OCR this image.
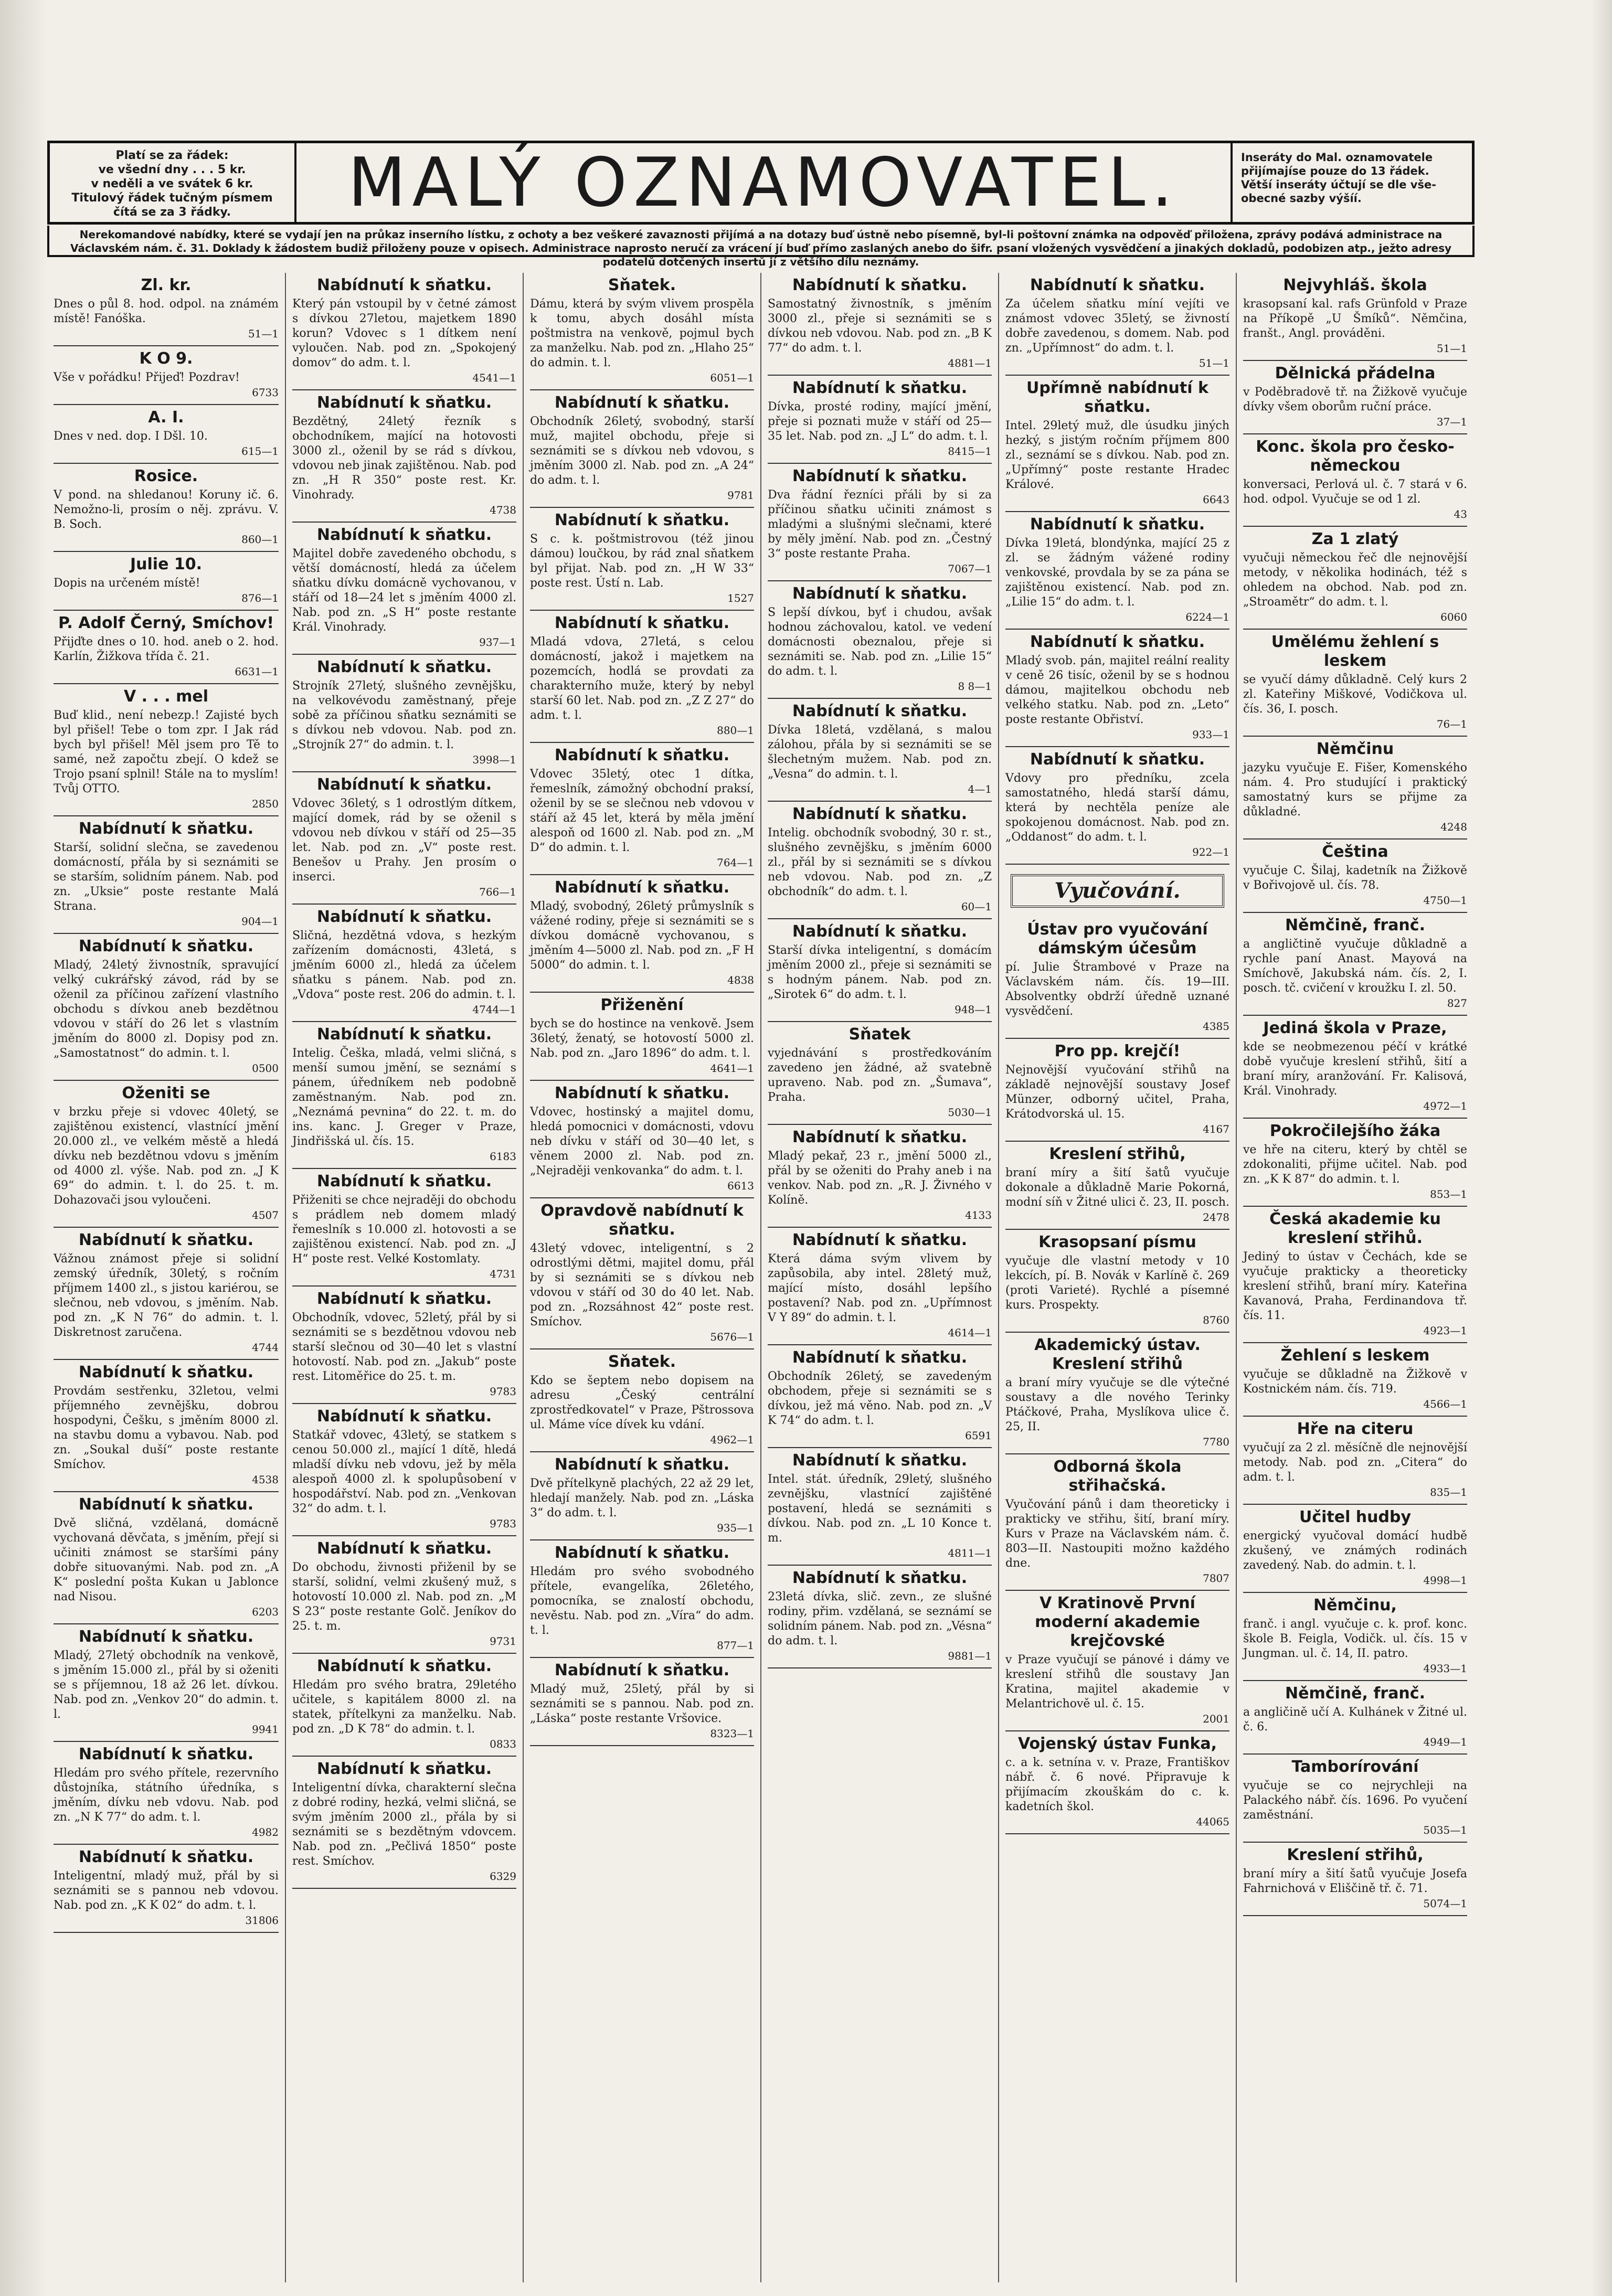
Platí se za řádek:
ve všední dny . . . 5 kr.
v neděli a ve svátek 6 kr.
Titulový řádek tučným písmem
čítá se za 3 řádky.	MALÝ OZNAMOVATEL.	Inseráty do Mal. oznamovatele
přijímajíse pouze do 13 řádek.
Větší inseráty účtují se dle vše-
obecné sazby výšíí.
Nerekomandové nabídky, které se vydají jen na průkaz inserního lístku, z ochoty a bez veškeré zavaznosti přijímá a na dotazy buď ústně nebo písemně, byl-li poštovní známka na odpověď přiložena, zprávy podává administrace na Václavském nám. č. 31. Doklady k žádostem budiž přiloženy pouze v opisech. Administrace naprosto neručí za vrácení jí buď přímo zaslaných anebo do šifr. psaní vložených vysvědčení a jinakých dokladů, podobizen atp., ježto adresy podatelů dotčených insertů jí z většího dílu neznámy.
Zl. kr.
Dnes o půl 8. hod. odpol. na známém místě! Fanóška.
51—1
K O 9.
Vše v pořádku! Přijeď! Pozdrav!
6733
A. I.
Dnes v ned. dop. I Dšl. 10.
615—1
Rosice.
V pond. na shledanou! Koruny ič. 6. Nemožno-li, prosím o něj. zprávu. V. B. Soch.
860—1
Julie 10.
Dopis na určeném místě!
876—1
P. Adolf Černý, Smíchov!
Přijďte dnes o 10. hod. aneb o 2. hod. Karlín, Žižkova třída č. 21.
6631—1
V . . . mel
Buď klid., není nebezp.! Zajisté bych byl přišel! Tebe o tom zpr. I Jak rád bych byl přišel! Měl jsem pro Tě to samé, než započtu zbejí. O kdež se Trojo psaní splnil! Stále na to myslím! Tvůj OTTO.
2850
Nabídnutí k sňatku.
Starší, solidní slečna, se zavedenou domácností, přála by si seznámiti se se starším, solidním pánem. Nab. pod zn. „Uksie“ poste restante Malá Strana.
904—1
Nabídnutí k sňatku.
Mladý, 24letý živnostník, spravující velký cukrářský závod, rád by se oženil za příčinou zařízení vlastního obchodu s dívkou aneb bezdětnou vdovou v stáří do 26 let s vlastním jměním do 8000 zl. Dopisy pod zn. „Samostatnost“ do admin. t. l.
0500
Oženiti se
v brzku přeje si vdovec 40letý, se zajištěnou existencí, vlastnící jmění 20.000 zl., ve velkém městě a hledá dívku neb bezdětnou vdovu s jměním od 4000 zl. výše. Nab. pod zn. „J K 69“ do admin. t. l. do 25. t. m. Dohazovači jsou vyloučeni.
4507
Nabídnutí k sňatku.
Vážnou známost přeje si solidní zemský úředník, 30letý, s ročním příjmem 1400 zl., s jistou kariérou, se slečnou, neb vdovou, s jměním. Nab. pod zn. „K N 76“ do admin. t. l. Diskretnost zaručena.
4744
Nabídnutí k sňatku.
Provdám sestřenku, 32letou, velmi příjemného zevnějšku, dobrou hospodyni, Češku, s jměním 8000 zl. na stavbu domu a vybavou. Nab. pod zn. „Soukal duší“ poste restante Smíchov.
4538
Nabídnutí k sňatku.
Dvě sličná, vzdělaná, domácně vychovaná děvčata, s jměním, přejí si učiniti známost se staršími pány dobře situovanými. Nab. pod zn. „A K“ poslední pošta Kukan u Jablonce nad Nisou.
6203
Nabídnutí k sňatku.
Mladý, 27letý obchodník na venkově, s jměním 15.000 zl., přál by si oženiti se s příjemnou, 18 až 26 let. dívkou. Nab. pod zn. „Venkov 20“ do admin. t. l.
9941
Nabídnutí k sňatku.
Hledám pro svého přítele, rezervního důstojníka, státního úředníka, s jměním, dívku neb vdovu. Nab. pod zn. „N K 77“ do adm. t. l.
4982
Nabídnutí k sňatku.
Inteligentní, mladý muž, přál by si seznámiti se s pannou neb vdovou. Nab. pod zn. „K K 02“ do adm. t. l.
31806
Nabídnutí k sňatku.
Který pán vstoupil by v četné zámost s dívkou 27letou, majetkem 1890 korun? Vdovec s 1 dítkem není vyloučen. Nab. pod zn. „Spokojený domov“ do adm. t. l.
4541—1
Nabídnutí k sňatku.
Bezdětný, 24letý řezník s obchodníkem, mající na hotovosti 3000 zl., oženil by se rád s dívkou, vdovou neb jinak zajištěnou. Nab. pod zn. „H R 350“ poste rest. Kr. Vinohrady.
4738
Nabídnutí k sňatku.
Majitel dobře zavedeného obchodu, s větší domácností, hledá za účelem sňatku dívku domácně vychovanou, v stáří od 18—24 let s jměním 4000 zl. Nab. pod zn. „S H“ poste restante Král. Vinohrady.
937—1
Nabídnutí k sňatku.
Strojník 27letý, slušného zevnějšku, na velkovévodu zaměstnaný, přeje sobě za příčinou sňatku seznámiti se s dívkou neb vdovou. Nab. pod zn. „Strojník 27“ do admin. t. l.
3998—1
Nabídnutí k sňatku.
Vdovec 36letý, s 1 odrostlým dítkem, mající domek, rád by se oženil s vdovou neb dívkou v stáří od 25—35 let. Nab. pod zn. „V“ poste rest. Benešov u Prahy. Jen prosím o inserci.
766—1
Nabídnutí k sňatku.
Sličná, hezdětná vdova, s hezkým zařízením domácnosti, 43letá, s jměním 6000 zl., hledá za účelem sňatku s pánem. Nab. pod zn. „Vdova“ poste rest. 206 do admin. t. l.
4744—1
Nabídnutí k sňatku.
Intelig. Češka, mladá, velmi sličná, s menší sumou jmění, se seznámí s pánem, úředníkem neb podobně zaměstnaným. Nab. pod zn. „Neznámá pevnina“ do 22. t. m. do ins. kanc. J. Greger v Praze, Jindřišská ul. čís. 15.
6183
Nabídnutí k sňatku.
Přiženiti se chce nejraději do obchodu s prádlem neb domem mladý řemeslník s 10.000 zl. hotovosti a se zajištěnou existencí. Nab. pod zn. „J H“ poste rest. Velké Kostomlaty.
4731
Nabídnutí k sňatku.
Obchodník, vdovec, 52letý, přál by si seznámiti se s bezdětnou vdovou neb starší slečnou od 30—40 let s vlastní hotovostí. Nab. pod zn. „Jakub“ poste rest. Litoměřice do 25. t. m.
9783
Nabídnutí k sňatku.
Statkář vdovec, 43letý, se statkem s cenou 50.000 zl., mající 1 dítě, hledá mladší dívku neb vdovu, jež by měla alespoň 4000 zl. k spolupůsobení v hospodářství. Nab. pod zn. „Venkovan 32“ do adm. t. l.
9783
Nabídnutí k sňatku.
Do obchodu, živnosti přiženil by se starší, solidní, velmi zkušený muž, s hotovostí 10.000 zl. Nab. pod zn. „M S 23“ poste restante Golč. Jeníkov do 25. t. m.
9731
Nabídnutí k sňatku.
Hledám pro svého bratra, 29letého učitele, s kapitálem 8000 zl. na statek, přítelkyni za manželku. Nab. pod zn. „D K 78“ do admin. t. l.
0833
Nabídnutí k sňatku.
Inteligentní dívka, charakterní slečna z dobré rodiny, hezká, velmi sličná, se svým jměním 2000 zl., přála by si seznámiti se s bezdětným vdovcem. Nab. pod zn. „Pečlivá 1850“ poste rest. Smíchov.
6329
Sňatek.
Dámu, která by svým vlivem prospěla k tomu, abych dosáhl místa poštmistra na venkově, pojmul bych za manželku. Nab. pod zn. „Hlaho 25“ do admin. t. l.
6051—1
Nabídnutí k sňatku.
Obchodník 26letý, svobodný, starší muž, majitel obchodu, přeje si seznámiti se s dívkou neb vdovou, s jměním 3000 zl. Nab. pod zn. „A 24“ do adm. t. l.
9781
Nabídnutí k sňatku.
S c. k. poštmistrovou (též jinou dámou) loučkou, by rád znal sňatkem byl přijat. Nab. pod zn. „H W 33“ poste rest. Ústí n. Lab.
1527
Nabídnutí k sňatku.
Mladá vdova, 27letá, s celou domácností, jakož i majetkem na pozemcích, hodlá se provdati za charakterního muže, který by nebyl starší 60 let. Nab. pod zn. „Z Z 27“ do adm. t. l.
880—1
Nabídnutí k sňatku.
Vdovec 35letý, otec 1 dítka, řemeslník, zámožný obchodní praksí, oženil by se se slečnou neb vdovou v stáří až 45 let, která by měla jmění alespoň od 1600 zl. Nab. pod zn. „M D“ do admin. t. l.
764—1
Nabídnutí k sňatku.
Mladý, svobodný, 26letý průmyslník s vážené rodiny, přeje si seznámiti se s dívkou domácně vychovanou, s jměním 4—5000 zl. Nab. pod zn. „F H 5000“ do admin. t. l.
4838
Přiženění
bych se do hostince na venkově. Jsem 36letý, ženatý, se hotovostí 5000 zl. Nab. pod zn. „Jaro 1896“ do adm. t. l.
4641—1
Nabídnutí k sňatku.
Vdovec, hostinský a majitel domu, hledá pomocnici v domácnosti, vdovu neb dívku v stáří od 30—40 let, s věnem 2000 zl. Nab. pod zn. „Nejraději venkovanka“ do adm. t. l.
6613
Opravdově nabídnutí k sňatku.
43letý vdovec, inteligentní, s 2 odrostlými dětmi, majitel domu, přál by si seznámiti se s dívkou neb vdovou v stáří od 30 do 40 let. Nab. pod zn. „Rozsáhnost 42“ poste rest. Smíchov.
5676—1
Sňatek.
Kdo se šeptem nebo dopisem na adresu „Český centrální zprostředkovatel“ v Praze, Pštrossova ul. Máme více dívek ku vdání.
4962—1
Nabídnutí k sňatku.
Dvě přítelkyně plachých, 22 až 29 let, hledají manžely. Nab. pod zn. „Láska 3“ do adm. t. l.
935—1
Nabídnutí k sňatku.
Hledám pro svého svobodného přítele, evangelíka, 26letého, pomocníka, se znalostí obchodu, nevěstu. Nab. pod zn. „Víra“ do adm. t. l.
877—1
Nabídnutí k sňatku.
Mladý muž, 25letý, přál by si seznámiti se s pannou. Nab. pod zn. „Láska“ poste restante Vršovice.
8323—1
Nabídnutí k sňatku.
Samostatný živnostník, s jměním 3000 zl., přeje si seznámiti se s dívkou neb vdovou. Nab. pod zn. „B K 77“ do adm. t. l.
4881—1
Nabídnutí k sňatku.
Dívka, prosté rodiny, mající jmění, přeje si poznati muže v stáří od 25—35 let. Nab. pod zn. „J L“ do adm. t. l.
8415—1
Nabídnutí k sňatku.
Dva řádní řezníci přáli by si za příčinou sňatku učiniti známost s mladými a slušnými slečnami, které by měly jmění. Nab. pod zn. „Čestný 3“ poste restante Praha.
7067—1
Nabídnutí k sňatku.
S lepší dívkou, byť i chudou, avšak hodnou záchovalou, katol. ve vedení domácnosti obeznalou, přeje si seznámiti se. Nab. pod zn. „Lilie 15“ do adm. t. l.
8 8—1
Nabídnutí k sňatku.
Dívka 18letá, vzdělaná, s malou zálohou, přála by si seznámiti se se šlechetným mužem. Nab. pod zn. „Vesna“ do admin. t. l.
4—1
Nabídnutí k sňatku.
Intelig. obchodník svobodný, 30 r. st., slušného zevnějšku, s jměním 6000 zl., přál by si seznámiti se s dívkou neb vdovou. Nab. pod zn. „Z obchodník“ do adm. t. l.
60—1
Nabídnutí k sňatku.
Starší dívka inteligentní, s domácím jměním 2000 zl., přeje si seznámiti se s hodným pánem. Nab. pod zn. „Sirotek 6“ do adm. t. l.
948—1
Sňatek
vyjednávání s prostředkováním zavedeno jen žádné, až svatebně upraveno. Nab. pod zn. „Šumava“, Praha.
5030—1
Nabídnutí k sňatku.
Mladý pekař, 23 r., jmění 5000 zl., přál by se oženiti do Prahy aneb i na venkov. Nab. pod zn. „R. J. Živného v Kolíně.
4133
Nabídnutí k sňatku.
Která dáma svým vlivem by zapůsobila, aby intel. 28letý muž, mající místo, dosáhl lepšího postavení? Nab. pod zn. „Upřímnost V Y 89“ do admin. t. l.
4614—1
Nabídnutí k sňatku.
Obchodník 26letý, se zavedeným obchodem, přeje si seznámiti se s dívkou, jež má věno. Nab. pod zn. „V K 74“ do adm. t. l.
6591
Nabídnutí k sňatku.
Intel. stát. úředník, 29letý, slušného zevnějšku, vlastnící zajištěné postavení, hledá se seznámiti s dívkou. Nab. pod zn. „L 10 Konce t. m.
4811—1
Nabídnutí k sňatku.
23letá dívka, slič. zevn., ze slušné rodiny, přim. vzdělaná, se seznámí se solidním pánem. Nab. pod zn. „Vésna“ do adm. t. l.
9881—1
Nabídnutí k sňatku.
Za účelem sňatku míní vejíti ve známost vdovec 35letý, se živností dobře zavedenou, s domem. Nab. pod zn. „Upřímnost“ do adm. t. l.
51—1
Upřímně nabídnutí k sňatku.
Intel. 29letý muž, dle úsudku jiných hezký, s jistým ročním příjmem 800 zl., seznámí se s dívkou. Nab. pod zn. „Upřímný“ poste restante Hradec Králové.
6643
Nabídnutí k sňatku.
Dívka 19letá, blondýnka, mající 25 z zl. se žádným vážené rodiny venkovské, provdala by se za pána se zajištěnou existencí. Nab. pod zn. „Lilie 15“ do adm. t. l.
6224—1
Nabídnutí k sňatku.
Mladý svob. pán, majitel reální reality v ceně 26 tisíc, oženil by se s hodnou dámou, majitelkou obchodu neb velkého statku. Nab. pod zn. „Leto“ poste restante Obřiství.
933—1
Nabídnutí k sňatku.
Vdovy pro předníku, zcela samostatného, hledá starší dámu, která by nechtěla peníze ale spokojenou domácnost. Nab. pod zn. „Oddanost“ do adm. t. l.
922—1
Vyučování.
Ústav pro vyučování dámským účesům
pí. Julie Štrambové v Praze na Václavském nám. čís. 19—III. Absolventky obdrží úředně uznané vysvědčení.
4385
Pro pp. krejčí!
Nejnovější vyučování střihů na základě nejnovější soustavy Josef Münzer, odborný učitel, Praha, Krátodvorská ul. 15.
4167
Kreslení střihů,
braní míry a šití šatů vyučuje dokonale a důkladně Marie Pokorná, modní síň v Žitné ulici č. 23, II. posch.
2478
Krasopsaní písmu
vyučuje dle vlastní metody v 10 lekcích, pí. B. Novák v Karlíně č. 269 (proti Varieté). Rychlé a písemné kurs. Prospekty.
8760
Akademický ústav. Kreslení střihů
a braní míry vyučuje se dle výtečné soustavy a dle nového Terinky Ptáčkové, Praha, Myslíkova ulice č. 25, II.
7780
Odborná škola střihačská.
Vyučování pánů i dam theoreticky i prakticky ve střihu, šití, braní míry. Kurs v Praze na Václavském nám. č. 803—II. Nastoupiti možno každého dne.
7807
V Kratinově První moderní akademie krejčovské
v Praze vyučují se pánové i dámy ve kreslení střihů dle soustavy Jan Kratina, majitel akademie v Melantrichově ul. č. 15.
2001
Vojenský ústav Funka,
c. a k. setnína v. v. Praze, Františkov nábř. č. 6 nové. Připravuje k přijímacím zkouškám do c. k. kadetních škol.
44065
Nejvyhláš. škola
krasopsaní kal. rafs Grünfold v Praze na Příkopě „U Šmíků“. Němčina, franšt., Angl. prováděni.
51—1
Dělnická přádelna
v Poděbradově tř. na Žižkově vyučuje dívky všem oborům ruční práce.
37—1
Konc. škola pro česko-německou
konversaci, Perlová ul. č. 7 stará v 6. hod. odpol. Vyučuje se od 1 zl.
43
Za 1 zlatý
vyučuji německou řeč dle nejnovější metody, v několika hodinách, též s ohledem na obchod. Nab. pod zn. „Stroamětr“ do adm. t. l.
6060
Umělému žehlení s leskem
se vyučí dámy důkladně. Celý kurs 2 zl. Kateřiny Miškové, Vodičkova ul. čís. 36, I. posch.
76—1
Němčinu
jazyku vyučuje E. Fišer, Komenského nám. 4. Pro studující i praktický samostatný kurs se přijme za důkladné.
4248
Čeština
vyučuje C. Šilaj, kadetník na Žižkově v Bořivojově ul. čís. 78.
4750—1
Němčině, franč.
a angličtině vyučuje důkladně a rychle paní Anast. Mayová na Smíchově, Jakubská nám. čís. 2, I. posch. tč. cvičení v kroužku I. zl. 50.
827
Jediná škola v Praze,
kde se neobmezenou péčí v krátké době vyučuje kreslení střihů, šití a braní míry, aranžování. Fr. Kalisová, Král. Vinohrady.
4972—1
Pokročilejšího žáka
ve hře na citeru, který by chtěl se zdokonaliti, přijme učitel. Nab. pod zn. „K K 87“ do admin. t. l.
853—1
Česká akademie ku kreslení střihů.
Jediný to ústav v Čechách, kde se vyučuje prakticky a theoreticky kreslení střihů, braní míry. Kateřina Kavanová, Praha, Ferdinandova tř. čís. 11.
4923—1
Žehlení s leskem
vyučuje se důkladně na Žižkově v Kostnickém nám. čís. 719.
4566—1
Hře na citeru
vyučují za 2 zl. měsíčně dle nejnovější metody. Nab. pod zn. „Citera“ do adm. t. l.
835—1
Učitel hudby
energický vyučoval domácí hudbě zkušený, ve známých rodinách zavedený. Nab. do admin. t. l.
4998—1
Němčinu,
franč. i angl. vyučuje c. k. prof. konc. škole B. Feigla, Vodičk. ul. čís. 15 v Jungman. ul. č. 14, II. patro.
4933—1
Němčině, franč.
a angličině učí A. Kulhánek v Žitné ul. č. 6.
4949—1
Tamborírování
vyučuje se co nejrychleji na Palackého nábř. čís. 1696. Po vyučení zaměstnání.
5035—1
Kreslení střihů,
braní míry a šití šatů vyučuje Josefa Fahrnichová v Eliščině tř. č. 71.
5074—1
